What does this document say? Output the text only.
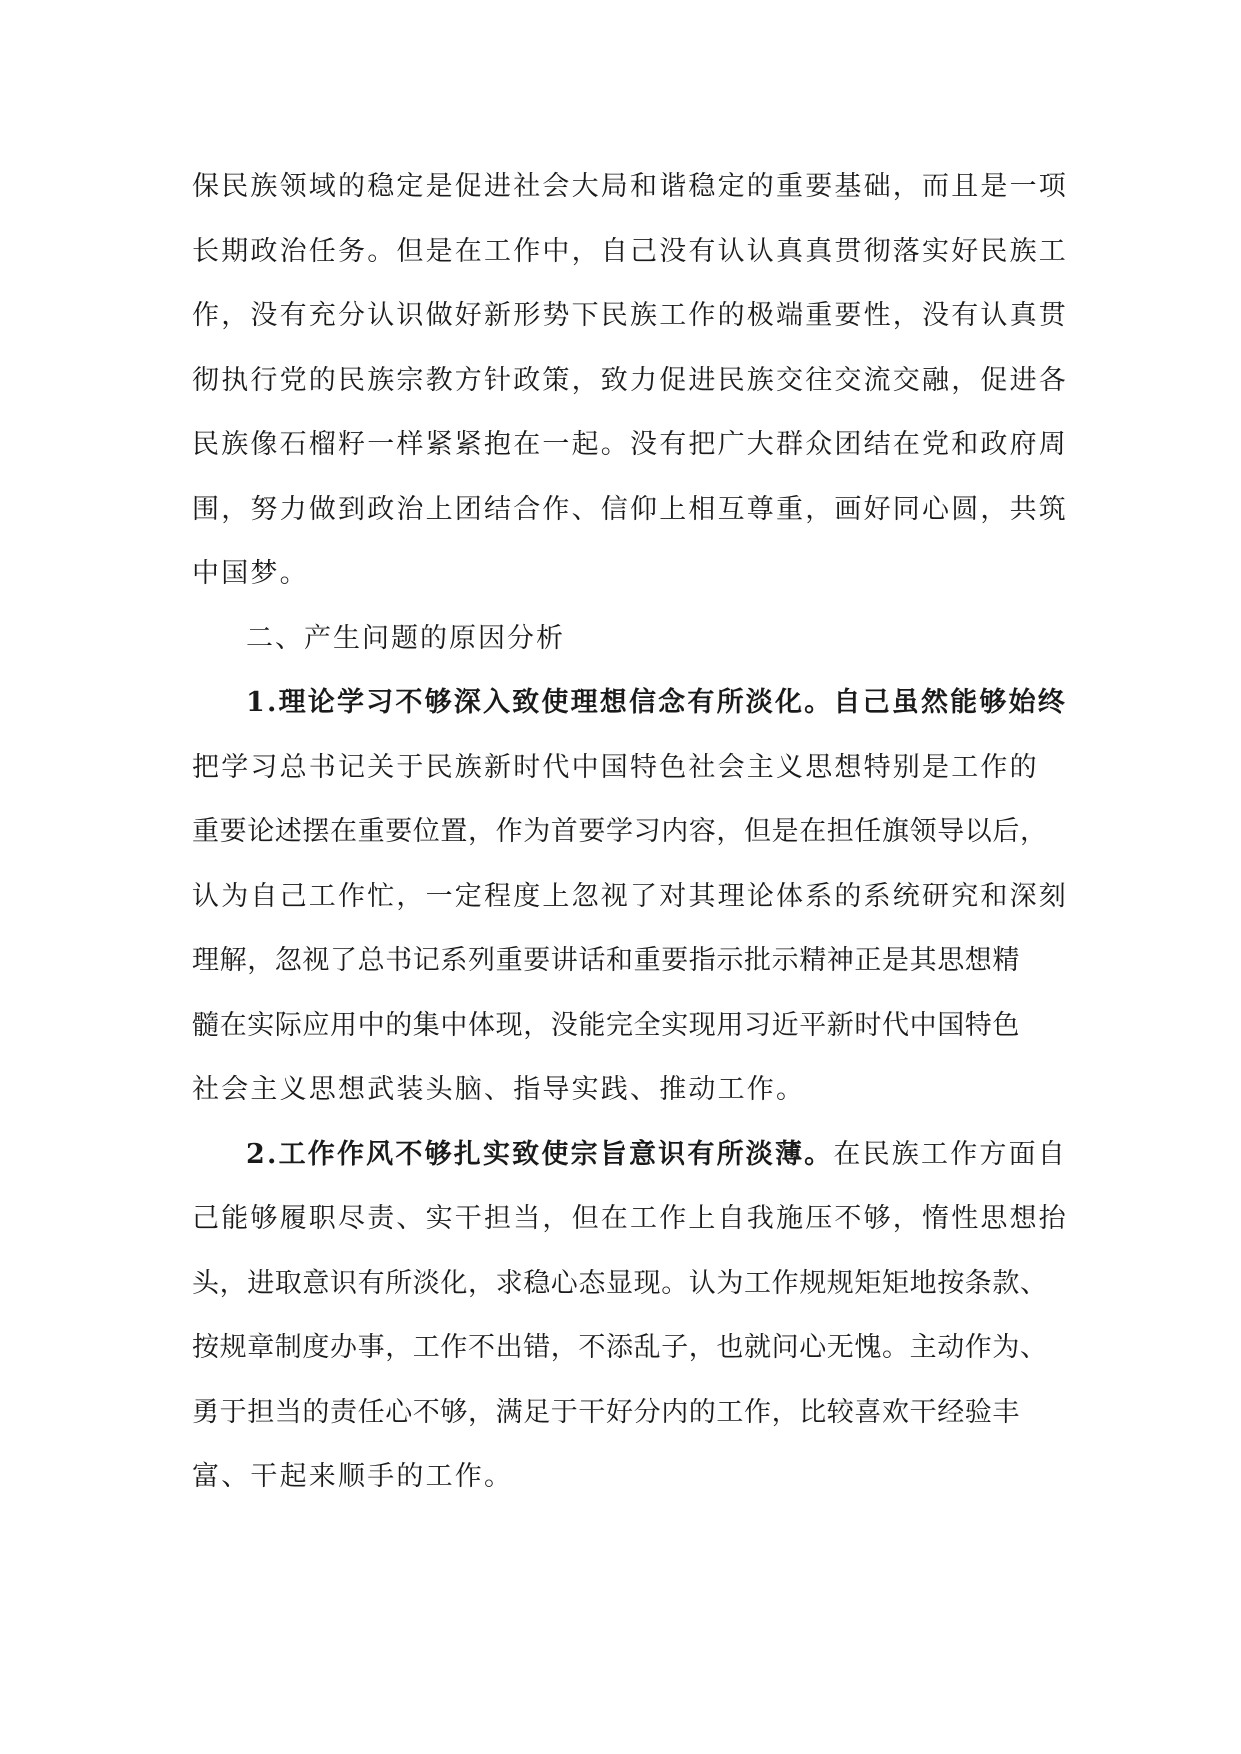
保民族领域的稳定是促进社会大局和谐稳定的重要基础，而且是一项
长期政治任务。但是在工作中，自己没有认认真真贯彻落实好民族工
作，没有充分认识做好新形势下民族工作的极端重要性，没有认真贯
彻执行党的民族宗教方针政策，致力促进民族交往交流交融，促进各
民族像石榴籽一样紧紧抱在一起。没有把广大群众团结在党和政府周
围，努力做到政治上团结合作、信仰上相互尊重，画好同心圆，共筑
中国梦。
二、产生问题的原因分析
1.理论学习不够深入致使理想信念有所淡化。自己虽然能够始终
把学习总书记关于民族新时代中国特色社会主义思想特别是工作的
重要论述摆在重要位置，作为首要学习内容，但是在担任旗领导以后，
认为自己工作忙，一定程度上忽视了对其理论体系的系统研究和深刻
理解，忽视了总书记系列重要讲话和重要指示批示精神正是其思想精
髓在实际应用中的集中体现，没能完全实现用习近平新时代中国特色
社会主义思想武装头脑、指导实践、推动工作。
2.工作作风不够扎实致使宗旨意识有所淡薄。在民族工作方面自
己能够履职尽责、实干担当，但在工作上自我施压不够，惰性思想抬
头，进取意识有所淡化，求稳心态显现。认为工作规规矩矩地按条款、
按规章制度办事，工作不出错，不添乱子，也就问心无愧。主动作为、
勇于担当的责任心不够，满足于干好分内的工作，比较喜欢干经验丰
富、干起来顺手的工作。
